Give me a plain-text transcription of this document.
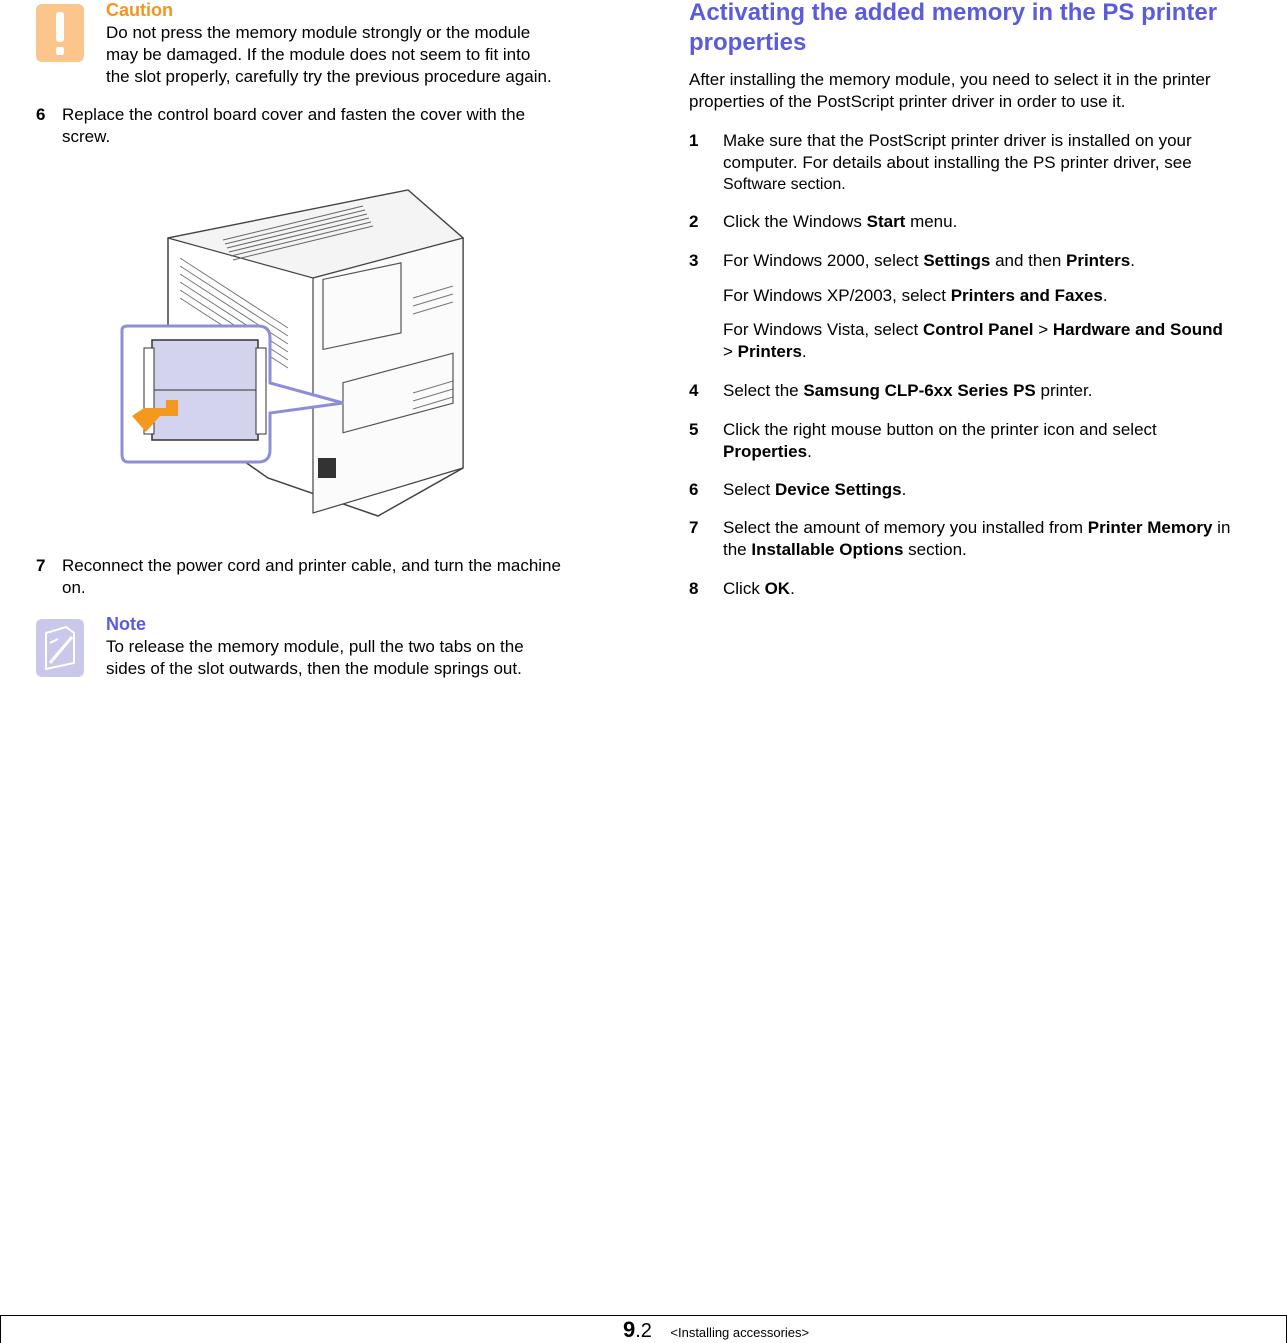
Caution
Do not press the memory module strongly or the module
may be damaged. If the module does not seem to fit into
the slot properly, carefully try the previous procedure again.
6 Replace the control board cover and fasten the cover with the
screw.
7 Reconnect the power cord and printer cable, and turn the machine
on.
Note
To release the memory module, pull the two tabs on the
sides of the slot outwards, then the module springs out.
Activating the added memory in the PS printer
properties
After installing the memory module, you need to select it in the printer
properties of the PostScript printer driver in order to use it.
1 Make sure that the PostScript printer driver is installed on your
computer. For details about installing the PS printer driver, see
Software section.
2 Click the Windows Start menu.
3 For Windows 2000, select Settings and then Printers.
For Windows XP/2003, select Printers and Faxes.
For Windows Vista, select Control Panel > Hardware and Sound
> Printers.
4 Select the Samsung CLP-6xx Series PS printer.
5 Click the right mouse button on the printer icon and select
Properties.
6 Select Device Settings.
7 Select the amount of memory you installed from Printer Memory in
the Installable Options section.
8 Click OK.
9.2 <Installing accessories>
